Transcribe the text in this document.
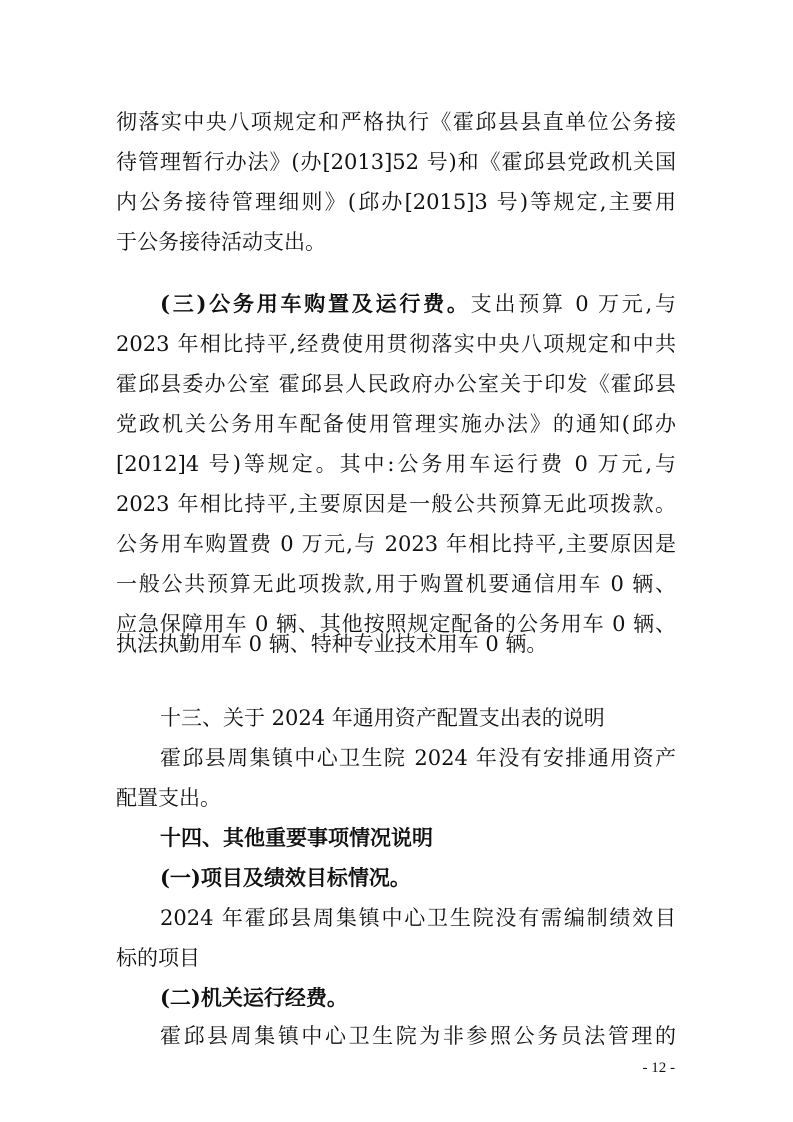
彻落实中央八项规定和严格执行《霍邱县县直单位公务接

待管理暂行办法》(办[2013]52 号)和《霍邱县党政机关国

内公务接待管理细则》(邱办[2015]3 号)等规定,主要用

于公务接待活动支出。

(三)公务用车购置及运行费。支出预算 0 万元,与

2023 年相比持平,经费使用贯彻落实中央八项规定和中共

霍邱县委办公室 霍邱县人民政府办公室关于印发《霍邱县

党政机关公务用车配备使用管理实施办法》的通知(邱办

[2012]4 号)等规定。其中:公务用车运行费 0 万元,与

2023 年相比持平,主要原因是一般公共预算无此项拨款。

公务用车购置费 0 万元,与 2023 年相比持平,主要原因是

一般公共预算无此项拨款,用于购置机要通信用车 0 辆、

应急保障用车 0 辆、其他按照规定配备的公务用车 0 辆、

执法执勤用车 0 辆、特种专业技术用车 0 辆。

十三、关于 2024 年通用资产配置支出表的说明

霍邱县周集镇中心卫生院 2024 年没有安排通用资产

配置支出。

十四、其他重要事项情况说明

(一)项目及绩效目标情况。

2024 年霍邱县周集镇中心卫生院没有需编制绩效目

标的项目

(二)机关运行经费。

霍邱县周集镇中心卫生院为非参照公务员法管理的

- 12 -
